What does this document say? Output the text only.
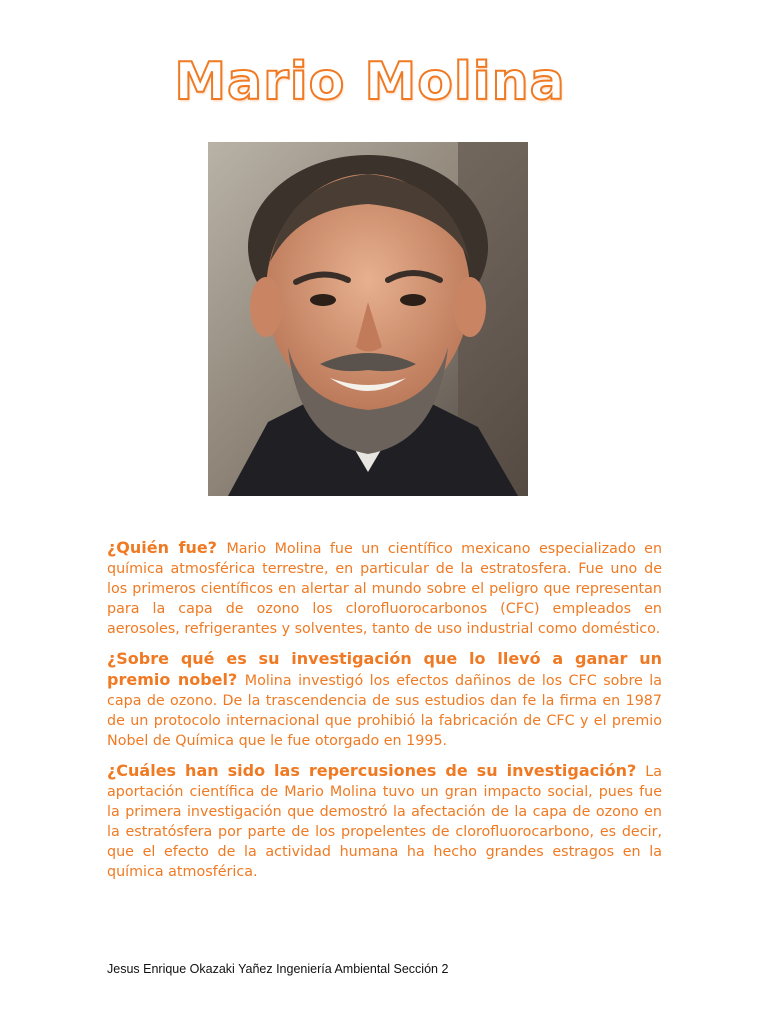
Mario Molina

¿Quién fue? Mario Molina fue un científico mexicano especializado en química atmosférica terrestre, en particular de la estratosfera. Fue uno de los primeros científicos en alertar al mundo sobre el peligro que representan para la capa de ozono los clorofluorocarbonos (CFC) empleados en aerosoles, refrigerantes y solventes, tanto de uso industrial como doméstico.

¿Sobre qué es su investigación que lo llevó a ganar un premio nobel? Molina investigó los efectos dañinos de los CFC sobre la capa de ozono. De la trascendencia de sus estudios dan fe la firma en 1987 de un protocolo internacional que prohibió la fabricación de CFC y el premio Nobel de Química que le fue otorgado en 1995.

¿Cuáles han sido las repercusiones de su investigación? La aportación científica de Mario Molina tuvo un gran impacto social, pues fue la primera investigación que demostró la afectación de la capa de ozono en la estratósfera por parte de los propelentes de clorofluorocarbono, es decir, que el efecto de la actividad humana ha hecho grandes estragos en la química atmosférica.

Jesus Enrique Okazaki Yañez Ingeniería Ambiental Sección 2
